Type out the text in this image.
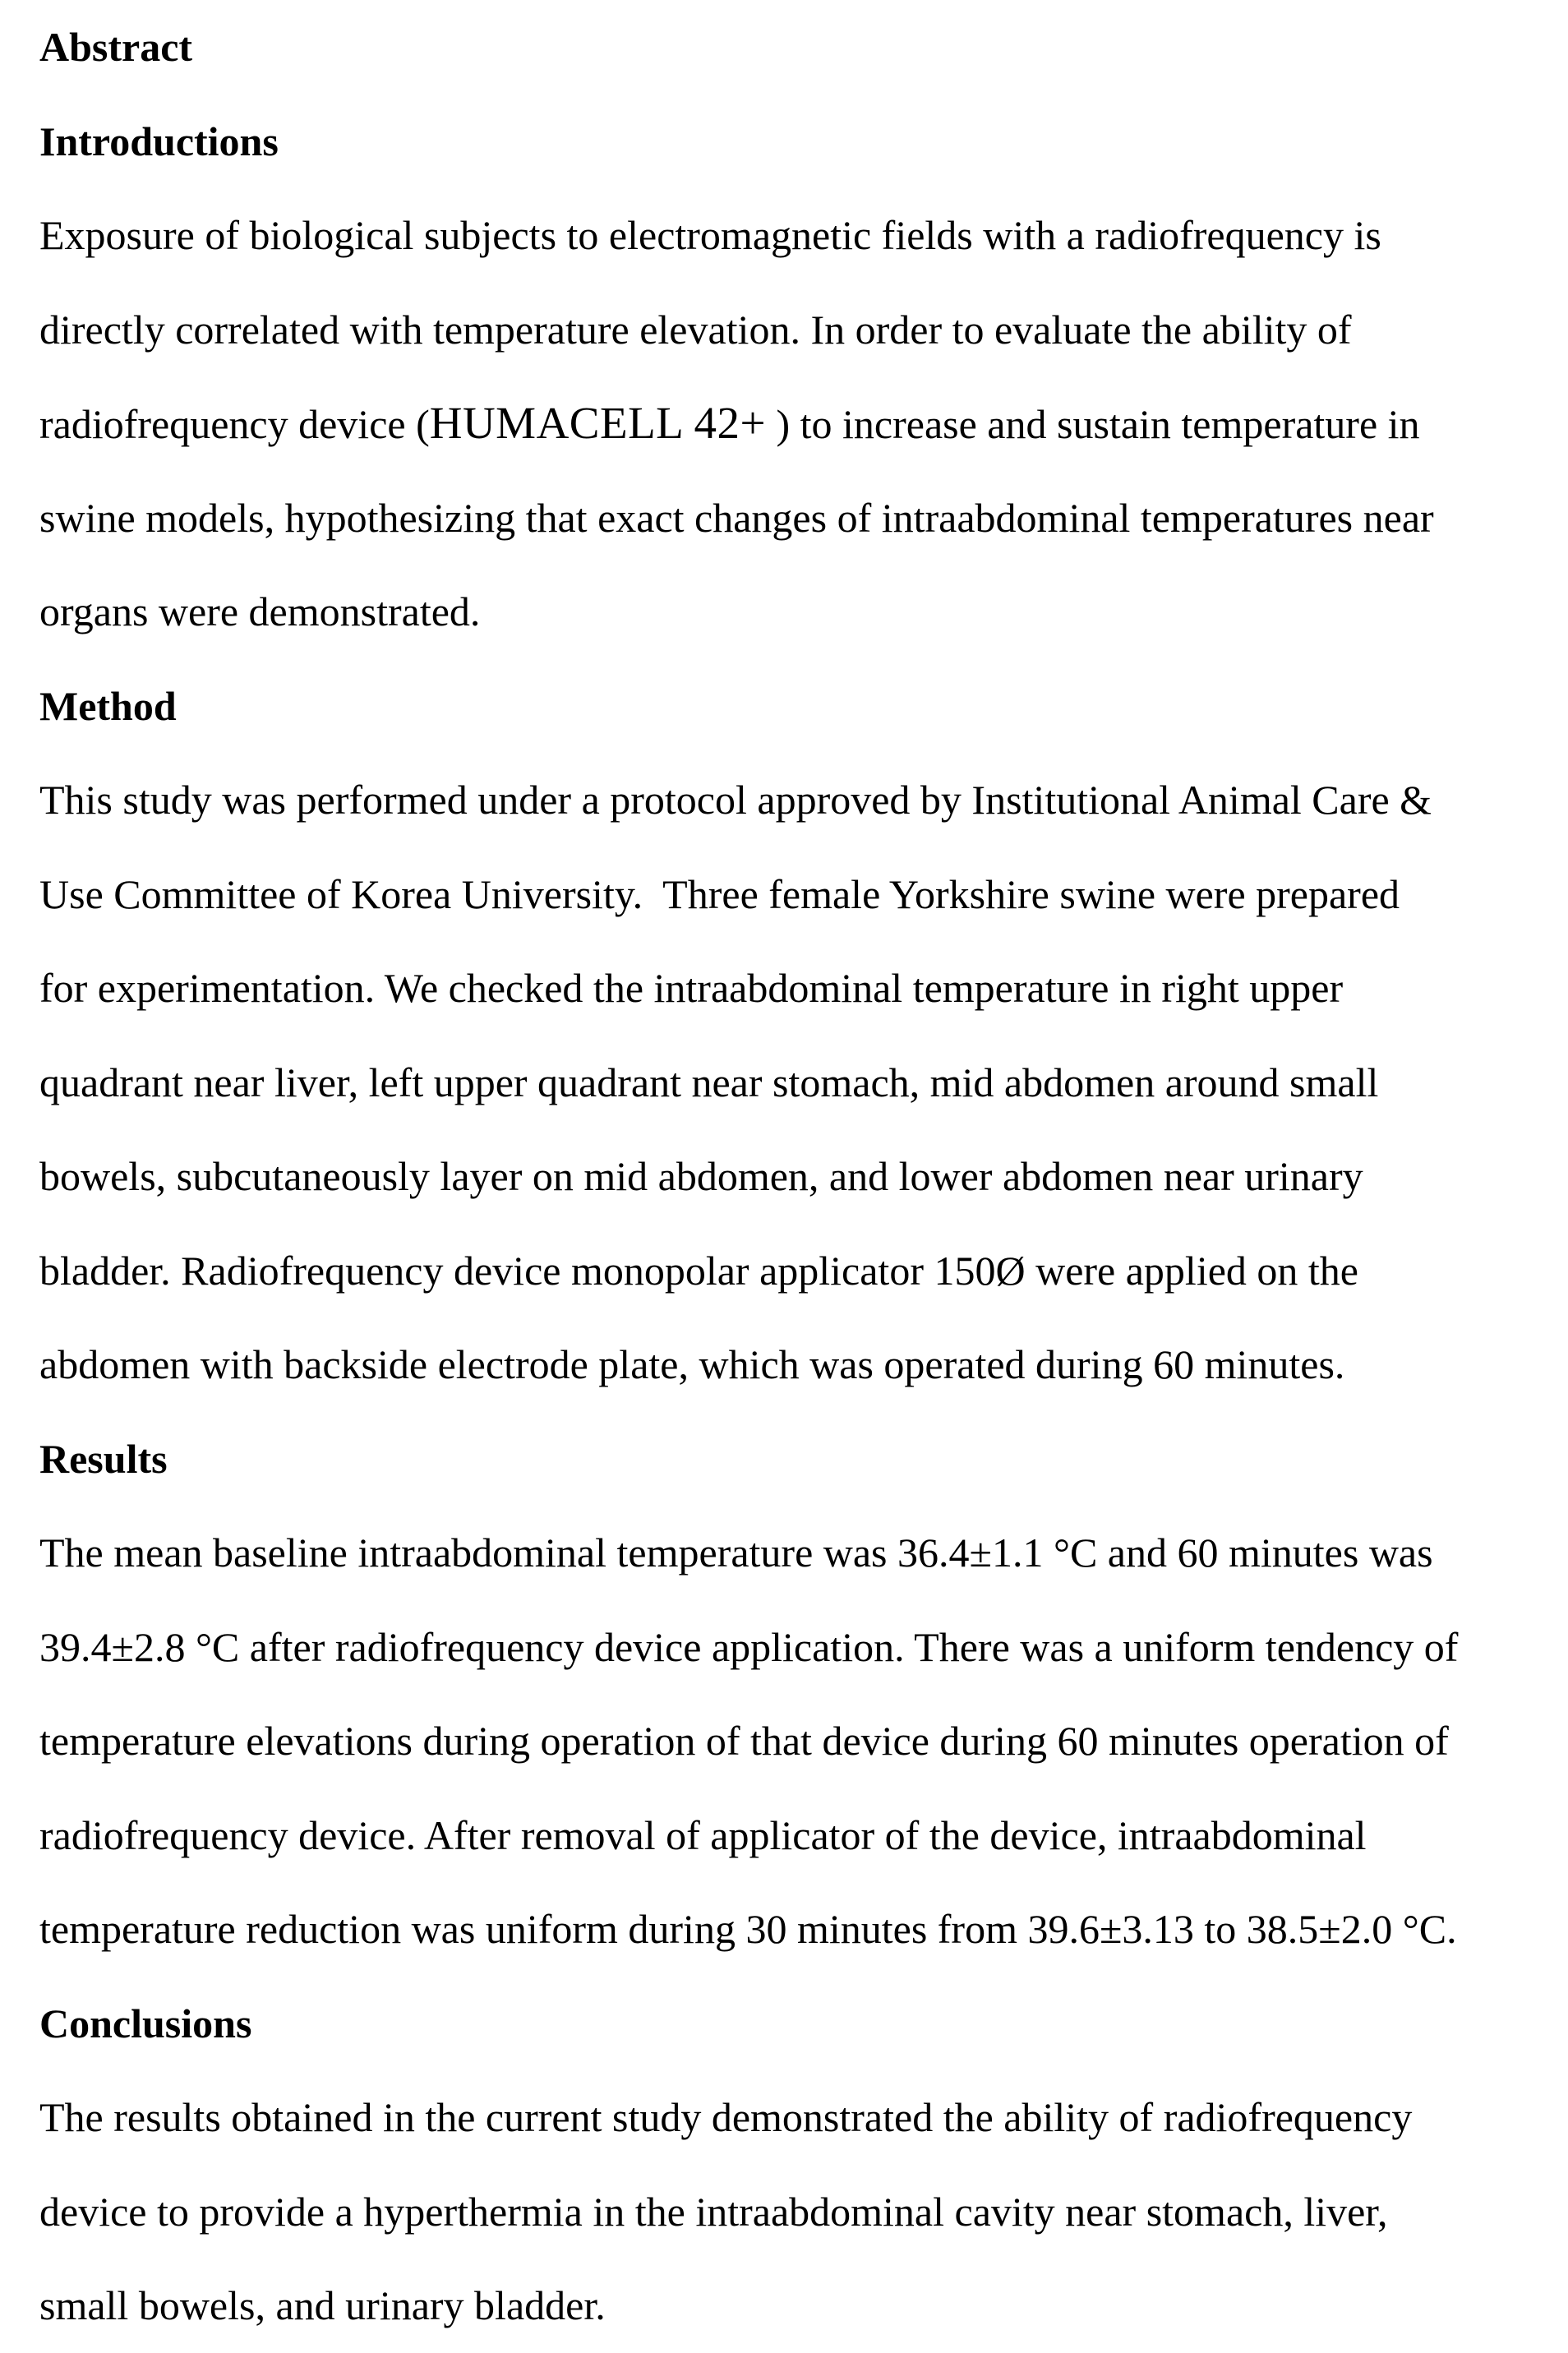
Abstract
Introductions
Exposure of biological subjects to electromagnetic fields with a radiofrequency is
directly correlated with temperature elevation. In order to evaluate the ability of
radiofrequency device (HUMACELL 42+ ) to increase and sustain temperature in
swine models, hypothesizing that exact changes of intraabdominal temperatures near
organs were demonstrated.
Method
This study was performed under a protocol approved by Institutional Animal Care &
Use Committee of Korea University.  Three female Yorkshire swine were prepared
for experimentation. We checked the intraabdominal temperature in right upper
quadrant near liver, left upper quadrant near stomach, mid abdomen around small
bowels, subcutaneously layer on mid abdomen, and lower abdomen near urinary
bladder. Radiofrequency device monopolar applicator 150Ø were applied on the
abdomen with backside electrode plate, which was operated during 60 minutes.
Results
The mean baseline intraabdominal temperature was 36.4±1.1 °C and 60 minutes was
39.4±2.8 °C after radiofrequency device application. There was a uniform tendency of
temperature elevations during operation of that device during 60 minutes operation of
radiofrequency device. After removal of applicator of the device, intraabdominal
temperature reduction was uniform during 30 minutes from 39.6±3.13 to 38.5±2.0 °C.
Conclusions
The results obtained in the current study demonstrated the ability of radiofrequency
device to provide a hyperthermia in the intraabdominal cavity near stomach, liver,
small bowels, and urinary bladder.
